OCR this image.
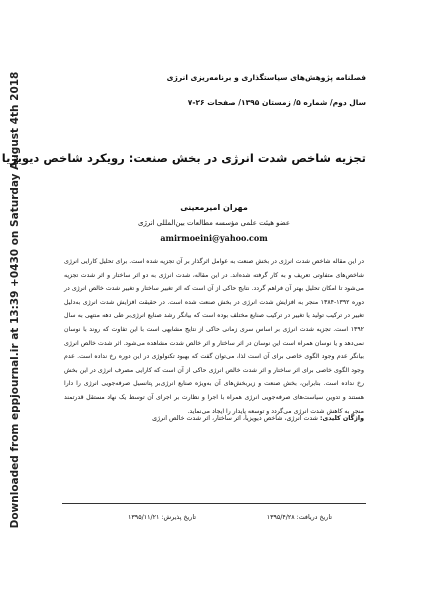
Downloaded from eppjournal.ir at 13:39 +0430 on Saturday August 4th 2018	فصلنامه پژوهش‌های سیاستگذاری و برنامه‌ریزی انرژی
سال دوم/ شماره ۵/ زمستان ۱۳۹۵/ صفحات ۲۶-۷
تجزیه شاخص شدت انرژی در بخش صنعت: رویکرد شاخص دیویزیا
مهران امیرمعینی
عضو هیئت علمی مؤسسه مطالعات بین‌المللی انرژی
amirmoeini@yahoo.com
در این مقاله شاخص شدت انرژی در بخش صنعت به عوامل اثرگذار بر آن تجزیه شده است. برای تحلیل کارایی انرژی شاخص‌های متفاوتی تعریف و به کار گرفته شده‌اند. در این مقاله، شدت انرژی به دو اثر ساختار و اثر شدت تجزیه می‌شود تا امکان تحلیل بهتر آن فراهم گردد. نتایج حاکی از آن است که اثر تغییر ساختار و تغییر شدت خالص انرژی در دوره ۱۳۹۲-۱۳۸۴ منجر به افزایش شدت انرژی در بخش صنعت شده است. در حقیقت افزایش شدت انرژی به‌دلیل تغییر در ترکیب تولید یا تغییر در ترکیب صنایع مختلف بوده است که بیانگر رشد صنایع انرژی‌بر طی دهه منتهی به سال ۱۳۹۲ است. تجزیه شدت انرژی بر اساس سری زمانی حاکی از نتایج مشابهی است با این تفاوت که روند با نوسان نمی‌دهد و یا نوسان همراه است این نوسان در اثر ساختار و اثر خالص شدت مشاهده می‌شود. اثر شدت خالص انرژی بیانگر عدم وجود الگوی خاصی برای آن است لذا، می‌توان گفت که بهبود تکنولوژی در این دوره رخ نداده است. عدم وجود الگوی خاصی برای اثر ساختار و اثر شدت خالص انرژی حاکی از آن است که کارایی مصرف انرژی در این بخش رخ نداده است. بنابراین، بخش صنعت و زیربخش‌های آن به‌ویژه صنایع انرژی‌بر پتانسیل صرفه‌جویی انرژی را دارا هستند و تدوین سیاست‌های صرفه‌جویی انرژی همراه با اجرا و نظارت بر اجرای آن توسط یک نهاد مستقل قدرتمند منجر به کاهش شدت انرژی می‌گردد و توسعه پایدار را ایجاد می‌نماید.
واژگان کلیدی: شدت انرژی، شاخص دیویزیا، اثر ساختار، اثر شدت خالص انرژی
تاریخ دریافت: ۱۳۹۵/۴/۲۸
تاریخ پذیرش: ۱۳۹۵/۱۱/۲۱
